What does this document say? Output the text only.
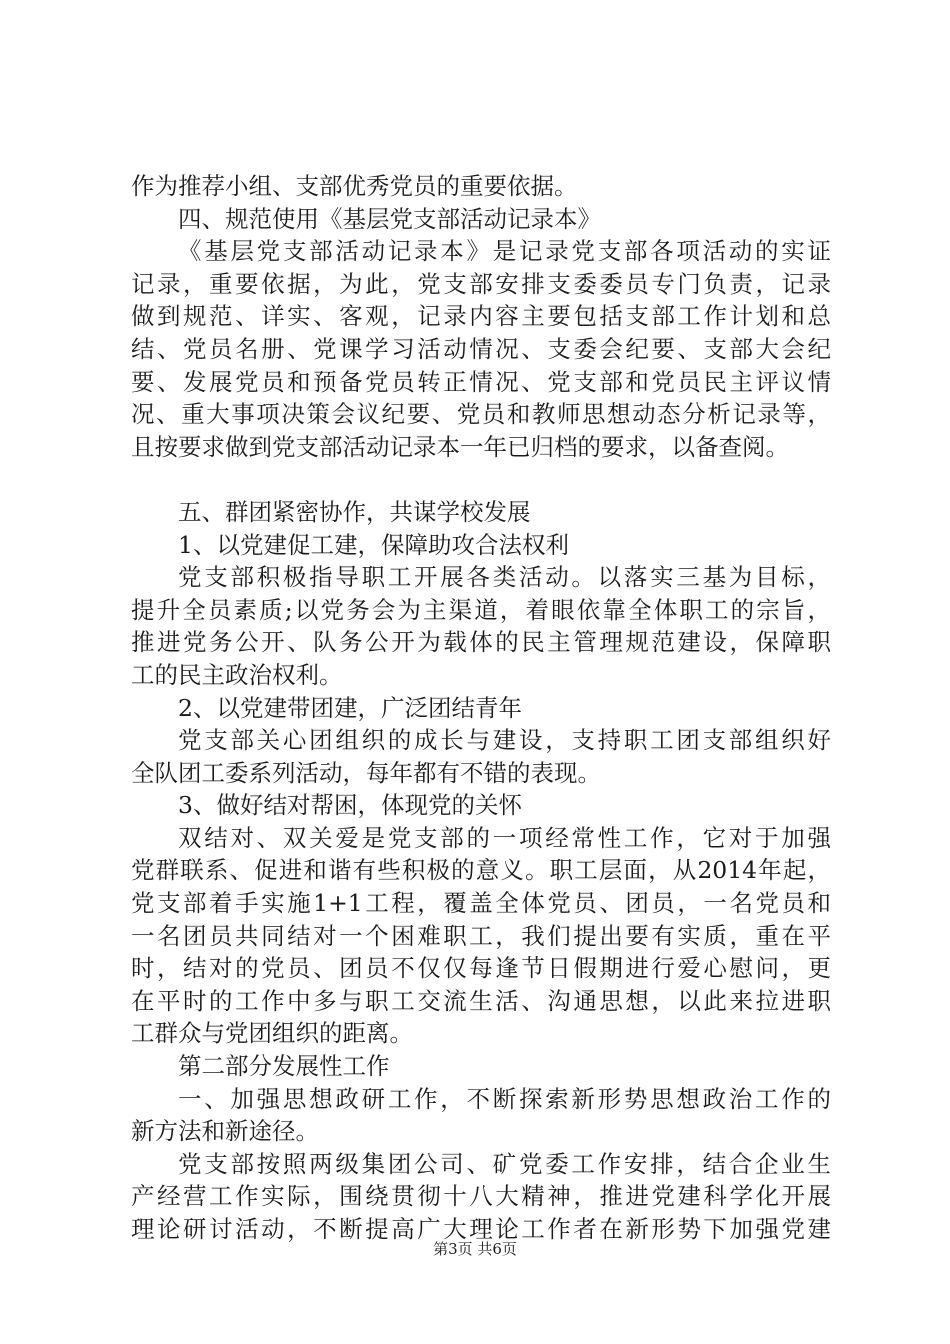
作为推荐小组、支部优秀党员的重要依据。
四、规范使用《基层党支部活动记录本》
《基层党支部活动记录本》是记录党支部各项活动的实证
记录，重要依据，为此，党支部安排支委委员专门负责，记录
做到规范、详实、客观，记录内容主要包括支部工作计划和总
结、党员名册、党课学习活动情况、支委会纪要、支部大会纪
要、发展党员和预备党员转正情况、党支部和党员民主评议情
况、重大事项决策会议纪要、党员和教师思想动态分析记录等，
且按要求做到党支部活动记录本一年已归档的要求，以备查阅。
五、群团紧密协作，共谋学校发展
1、以党建促工建，保障助攻合法权利
党支部积极指导职工开展各类活动。以落实三基为目标，
提升全员素质;以党务会为主渠道，着眼依靠全体职工的宗旨，
推进党务公开、队务公开为载体的民主管理规范建设，保障职
工的民主政治权利。
2、以党建带团建，广泛团结青年
党支部关心团组织的成长与建设，支持职工团支部组织好
全队团工委系列活动，每年都有不错的表现。
3、做好结对帮困，体现党的关怀
双结对、双关爱是党支部的一项经常性工作，它对于加强
党群联系、促进和谐有些积极的意义。职工层面，从2014年起，
党支部着手实施1+1工程，覆盖全体党员、团员，一名党员和
一名团员共同结对一个困难职工，我们提出要有实质，重在平
时，结对的党员、团员不仅仅每逢节日假期进行爱心慰问，更
在平时的工作中多与职工交流生活、沟通思想，以此来拉进职
工群众与党团组织的距离。
第二部分发展性工作
一、加强思想政研工作，不断探索新形势思想政治工作的
新方法和新途径。
党支部按照两级集团公司、矿党委工作安排，结合企业生
产经营工作实际，围绕贯彻十八大精神，推进党建科学化开展
理论研讨活动，不断提高广大理论工作者在新形势下加强党建
第3页 共6页
